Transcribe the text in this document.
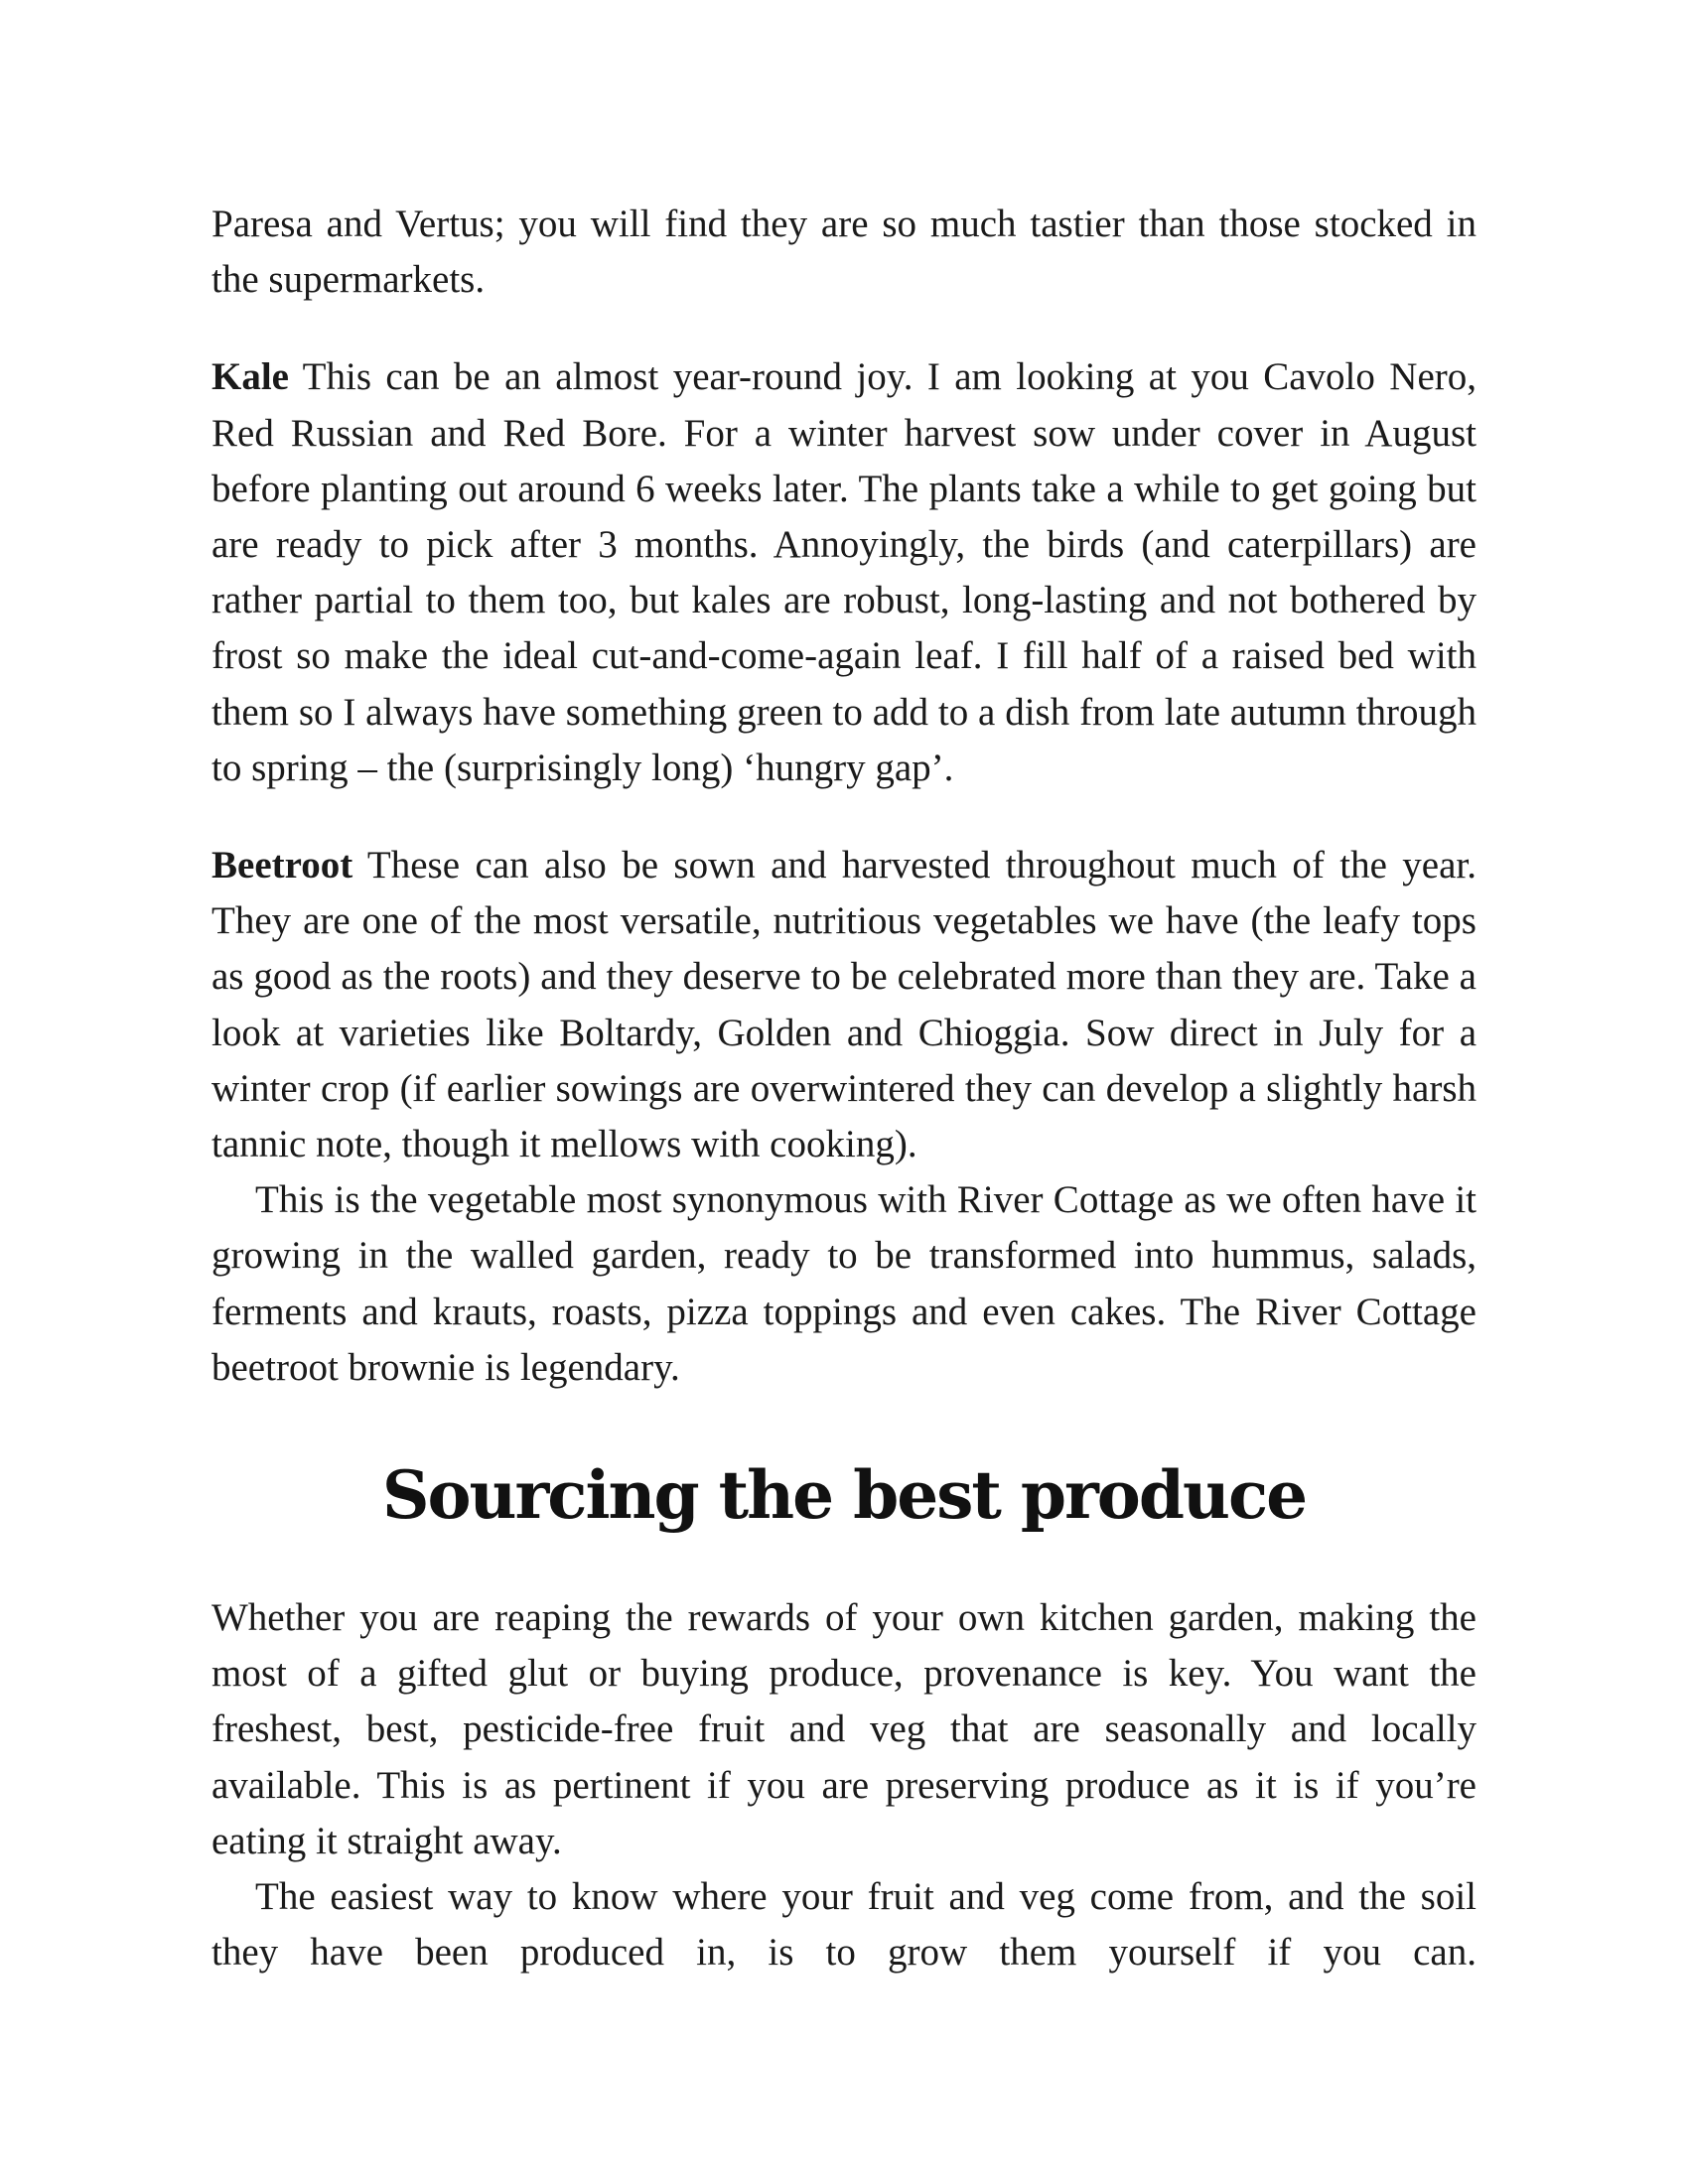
Paresa and Vertus; you will find they are so much tastier than those stocked in the supermarkets.

Kale This can be an almost year-round joy. I am looking at you Cavolo Nero, Red Russian and Red Bore. For a winter harvest sow under cover in August before planting out around 6 weeks later. The plants take a while to get going but are ready to pick after 3 months. Annoyingly, the birds (and caterpillars) are rather partial to them too, but kales are robust, long-lasting and not bothered by frost so make the ideal cut-and-come-again leaf. I fill half of a raised bed with them so I always have something green to add to a dish from late autumn through to spring – the (surprisingly long) ‘hungry gap’.

Beetroot These can also be sown and harvested throughout much of the year. They are one of the most versatile, nutritious vegetables we have (the leafy tops as good as the roots) and they deserve to be celebrated more than they are. Take a look at varieties like Boltardy, Golden and Chioggia. Sow direct in July for a winter crop (if earlier sowings are overwintered they can develop a slightly harsh tannic note, though it mellows with cooking).

This is the vegetable most synonymous with River Cottage as we often have it growing in the walled garden, ready to be transformed into hummus, salads, ferments and krauts, roasts, pizza toppings and even cakes. The River Cottage beetroot brownie is legendary.

Sourcing the best produce

Whether you are reaping the rewards of your own kitchen garden, making the most of a gifted glut or buying produce, provenance is key. You want the freshest, best, pesticide-free fruit and veg that are seasonally and locally available. This is as pertinent if you are preserving produce as it is if you’re eating it straight away.

The easiest way to know where your fruit and veg come from, and the soil they have been produced in, is to grow them yourself if you can.
